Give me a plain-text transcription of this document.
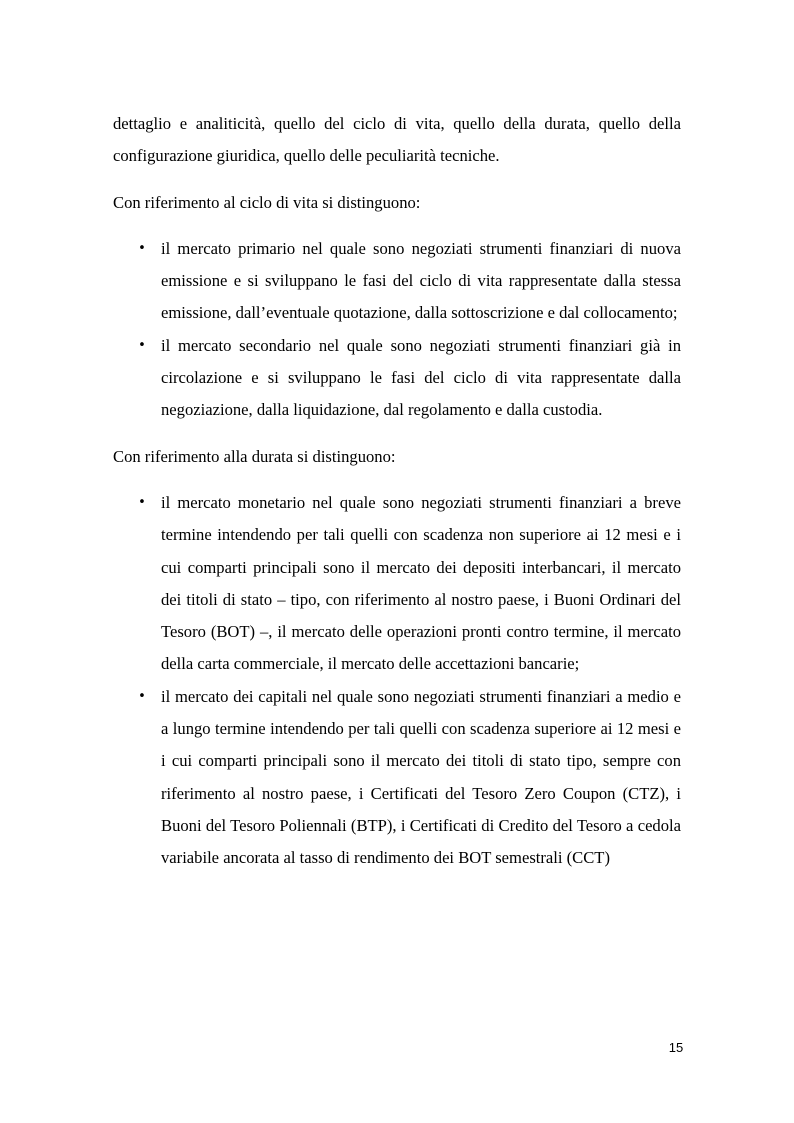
dettaglio e analiticità, quello del ciclo di vita, quello della durata, quello della configurazione giuridica, quello delle peculiarità tecniche.

Con riferimento al ciclo di vita si distinguono:

• il mercato primario nel quale sono negoziati strumenti finanziari di nuova emissione e si sviluppano le fasi del ciclo di vita rappresentate dalla stessa emissione, dall’eventuale quotazione, dalla sottoscrizione e dal collocamento;
• il mercato secondario nel quale sono negoziati strumenti finanziari già in circolazione e si sviluppano le fasi del ciclo di vita rappresentate dalla negoziazione, dalla liquidazione, dal regolamento e dalla custodia.

Con riferimento alla durata si distinguono:

• il mercato monetario nel quale sono negoziati strumenti finanziari a breve termine intendendo per tali quelli con scadenza non superiore ai 12 mesi e i cui comparti principali sono il mercato dei depositi interbancari, il mercato dei titoli di stato – tipo, con riferimento al nostro paese, i Buoni Ordinari del Tesoro (BOT) –, il mercato delle operazioni pronti contro termine, il mercato della carta commerciale, il mercato delle accettazioni bancarie;
• il mercato dei capitali nel quale sono negoziati strumenti finanziari a medio e a lungo termine intendendo per tali quelli con scadenza superiore ai 12 mesi e i cui comparti principali sono il mercato dei titoli di stato tipo, sempre con riferimento al nostro paese, i Certificati del Tesoro Zero Coupon (CTZ), i Buoni del Tesoro Poliennali (BTP), i Certificati di Credito del Tesoro a cedola variabile ancorata al tasso di rendimento dei BOT semestrali (CCT)
15
